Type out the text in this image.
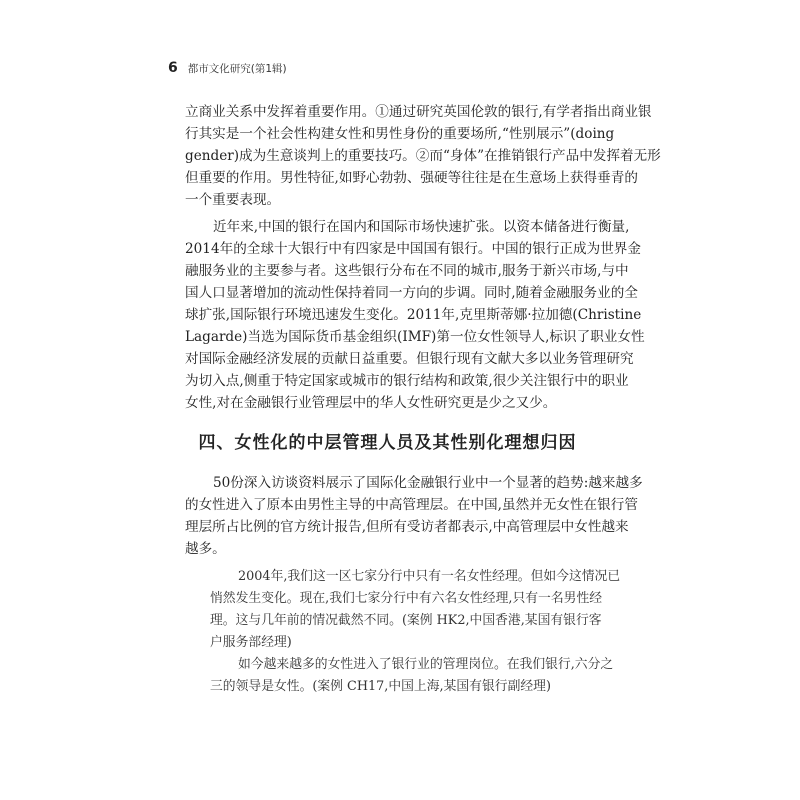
6 都市文化研究(第1辑)
立商业关系中发挥着重要作用。①通过研究英国伦敦的银行,有学者指出商业银
行其实是一个社会性构建女性和男性身份的重要场所,“性别展示”(doing
gender)成为生意谈判上的重要技巧。②而“身体”在推销银行产品中发挥着无形
但重要的作用。男性特征,如野心勃勃、强硬等往往是在生意场上获得垂青的
一个重要表现。
近年来,中国的银行在国内和国际市场快速扩张。以资本储备进行衡量,
2014年的全球十大银行中有四家是中国国有银行。中国的银行正成为世界金
融服务业的主要参与者。这些银行分布在不同的城市,服务于新兴市场,与中
国人口显著增加的流动性保持着同一方向的步调。同时,随着金融服务业的全
球扩张,国际银行环境迅速发生变化。2011年,克里斯蒂娜·拉加德(Christine
Lagarde)当选为国际货币基金组织(IMF)第一位女性领导人,标识了职业女性
对国际金融经济发展的贡献日益重要。但银行现有文献大多以业务管理研究
为切入点,侧重于特定国家或城市的银行结构和政策,很少关注银行中的职业
女性,对在金融银行业管理层中的华人女性研究更是少之又少。
四、女性化的中层管理人员及其性别化理想归因
50份深入访谈资料展示了国际化金融银行业中一个显著的趋势:越来越多
的女性进入了原本由男性主导的中高管理层。在中国,虽然并无女性在银行管
理层所占比例的官方统计报告,但所有受访者都表示,中高管理层中女性越来
越多。
2004年,我们这一区七家分行中只有一名女性经理。但如今这情况已
悄然发生变化。现在,我们七家分行中有六名女性经理,只有一名男性经
理。这与几年前的情况截然不同。(案例 HK2,中国香港,某国有银行客
户服务部经理)
如今越来越多的女性进入了银行业的管理岗位。在我们银行,六分之
三的领导是女性。(案例 CH17,中国上海,某国有银行副经理)
